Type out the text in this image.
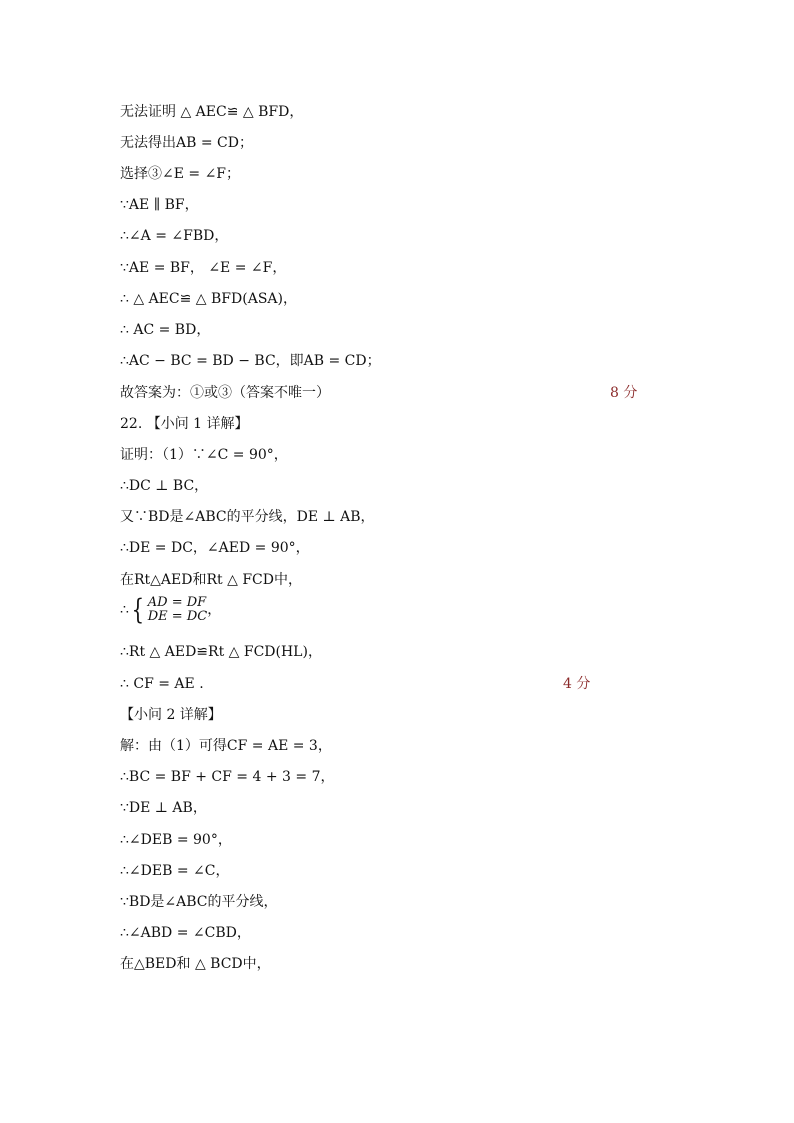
无法证明 △ AEC≌ △ BFD，
无法得出AB = CD；
选择③∠E = ∠F；
∵AE ∥ BF，
∴∠A = ∠FBD，
∵AE = BF， ∠E = ∠F，
∴ △ AEC≌ △ BFD(ASA)，
∴ AC = BD，
∴AC − BC = BD − BC，即AB = CD；
故答案为：①或③（答案不唯一）	8 分
22. 【小问 1 详解】
证明：（1）∵∠C = 90°，
∴DC ⊥ BC，
又∵BD是∠ABC的平分线，DE ⊥ AB，
∴DE = DC，∠AED = 90°，
在Rt△AED和Rt △ FCD中，
∴ { AD = DF
DE = DC ，
∴Rt △ AED≌Rt △ FCD(HL)，
∴ CF = AE .	4 分
【小问 2 详解】
解：由（1）可得CF = AE = 3，
∴BC = BF + CF = 4 + 3 = 7，
∵DE ⊥ AB，
∴∠DEB = 90°，
∴∠DEB = ∠C，
∵BD是∠ABC的平分线，
∴∠ABD = ∠CBD，
在△BED和 △ BCD中，
